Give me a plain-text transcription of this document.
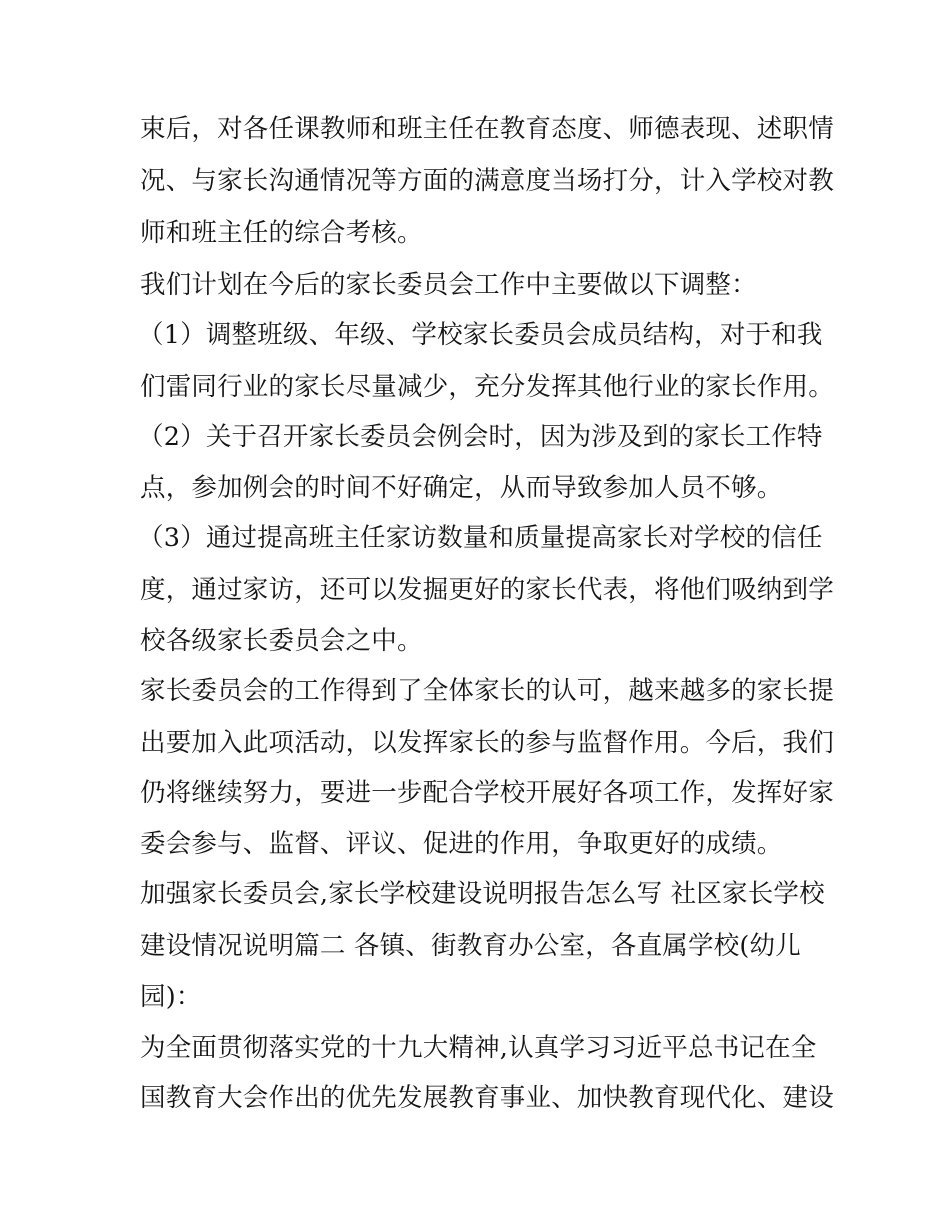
束后，对各任课教师和班主任在教育态度、师德表现、述职情
况、与家长沟通情况等方面的满意度当场打分，计入学校对教
师和班主任的综合考核。
我们计划在今后的家长委员会工作中主要做以下调整：
（1）调整班级、年级、学校家长委员会成员结构，对于和我
们雷同行业的家长尽量减少，充分发挥其他行业的家长作用。
（2）关于召开家长委员会例会时，因为涉及到的家长工作特
点，参加例会的时间不好确定，从而导致参加人员不够。
（3）通过提高班主任家访数量和质量提高家长对学校的信任
度，通过家访，还可以发掘更好的家长代表，将他们吸纳到学
校各级家长委员会之中。
家长委员会的工作得到了全体家长的认可，越来越多的家长提
出要加入此项活动，以发挥家长的参与监督作用。今后，我们
仍将继续努力，要进一步配合学校开展好各项工作，发挥好家
委会参与、监督、评议、促进的作用，争取更好的成绩。
加强家长委员会,家长学校建设说明报告怎么写 社区家长学校
建设情况说明篇二 各镇、街教育办公室，各直属学校(幼儿
园)：
为全面贯彻落实党的十九大精神,认真学习习近平总书记在全
国教育大会作出的优先发展教育事业、加快教育现代化、建设
